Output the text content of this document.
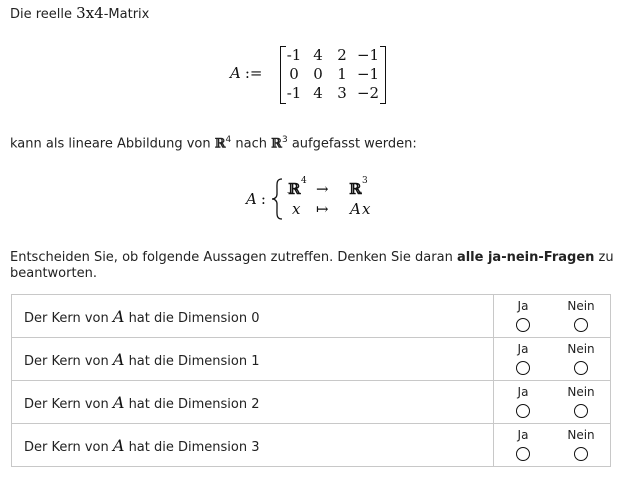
Die reelle 3x4-Matrix
A :=
-1 4 2 −1
0 0 1 −1
-1 4 3 −2
kann als lineare Abbildung von ℝ$^4$ nach ℝ$^3$ aufgefasst werden:
A :
ℝ 4 → ℝ 3
x ↦ A x
Entscheiden Sie, ob folgende Aussagen zutreffen. Denken Sie daran alle ja-nein-Fragen zu beantworten.
Der Kern von A hat die Dimension 0	Ja	Nein

Der Kern von A hat die Dimension 1	Ja	Nein

Der Kern von A hat die Dimension 2	Ja	Nein

Der Kern von A hat die Dimension 3	Ja	Nein
